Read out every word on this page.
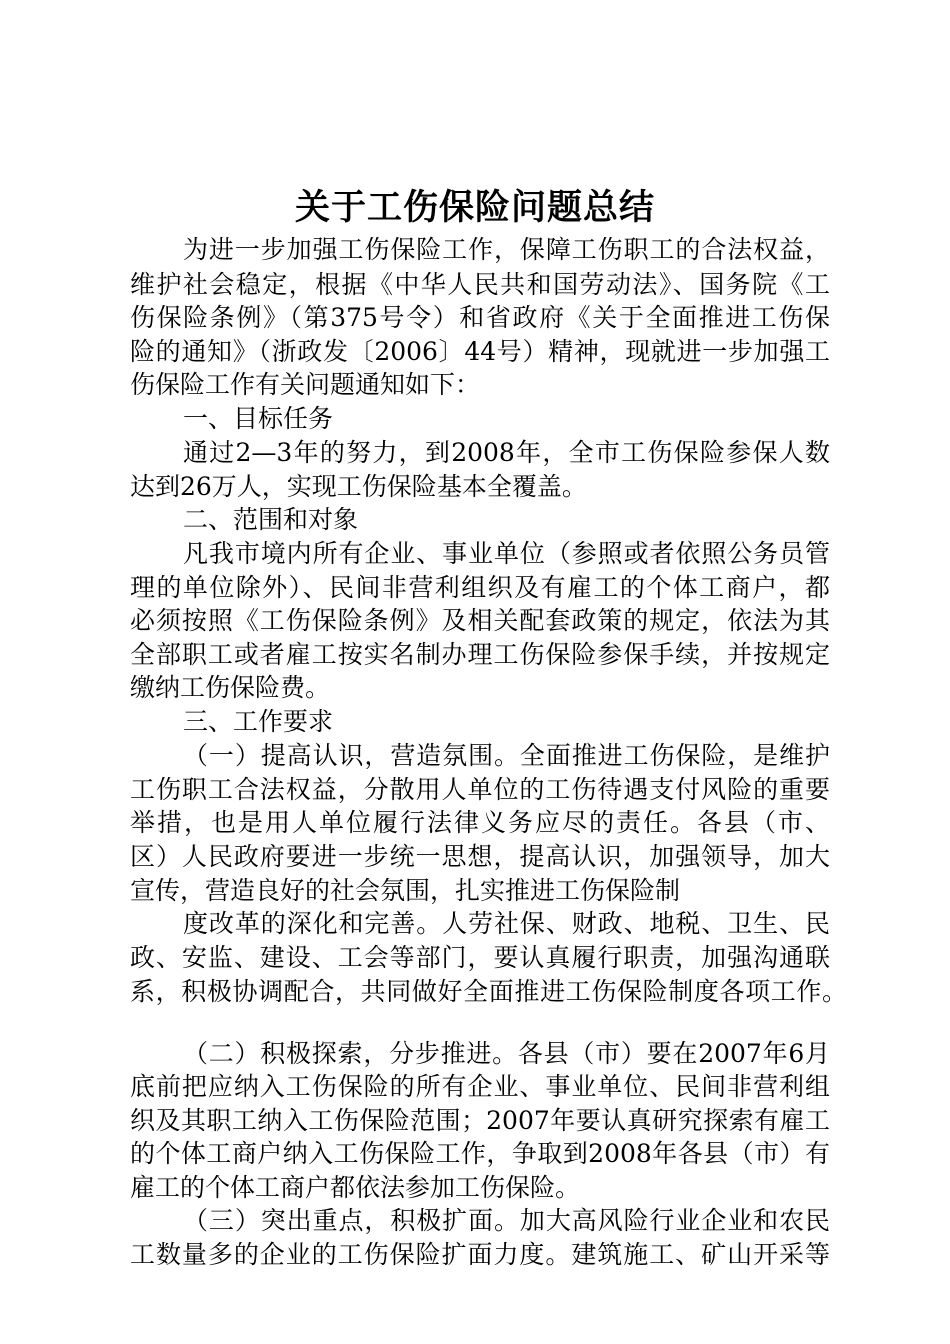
关于工伤保险问题总结
为进一步加强工伤保险工作，保障工伤职工的合法权益，
维护社会稳定，根据《中华人民共和国劳动法》、国务院《工
伤保险条例》（第375号令）和省政府《关于全面推进工伤保
险的通知》（浙政发〔2006〕44号）精神，现就进一步加强工
伤保险工作有关问题通知如下：
一、目标任务
通过2—3年的努力，到2008年，全市工伤保险参保人数
达到26万人，实现工伤保险基本全覆盖。
二、范围和对象
凡我市境内所有企业、事业单位（参照或者依照公务员管
理的单位除外）、民间非营利组织及有雇工的个体工商户，都
必须按照《工伤保险条例》及相关配套政策的规定，依法为其
全部职工或者雇工按实名制办理工伤保险参保手续，并按规定
缴纳工伤保险费。
三、工作要求
（一）提高认识，营造氛围。全面推进工伤保险，是维护
工伤职工合法权益，分散用人单位的工伤待遇支付风险的重要
举措，也是用人单位履行法律义务应尽的责任。各县（市、
区）人民政府要进一步统一思想，提高认识，加强领导，加大
宣传，营造良好的社会氛围，扎实推进工伤保险制
度改革的深化和完善。人劳社保、财政、地税、卫生、民
政、安监、建设、工会等部门，要认真履行职责，加强沟通联
系，积极协调配合，共同做好全面推进工伤保险制度各项工作。
（二）积极探索，分步推进。各县（市）要在2007年6月
底前把应纳入工伤保险的所有企业、事业单位、民间非营利组
织及其职工纳入工伤保险范围；2007年要认真研究探索有雇工
的个体工商户纳入工伤保险工作，争取到2008年各县（市）有
雇工的个体工商户都依法参加工伤保险。
（三）突出重点，积极扩面。加大高风险行业企业和农民
工数量多的企业的工伤保险扩面力度。建筑施工、矿山开采等
